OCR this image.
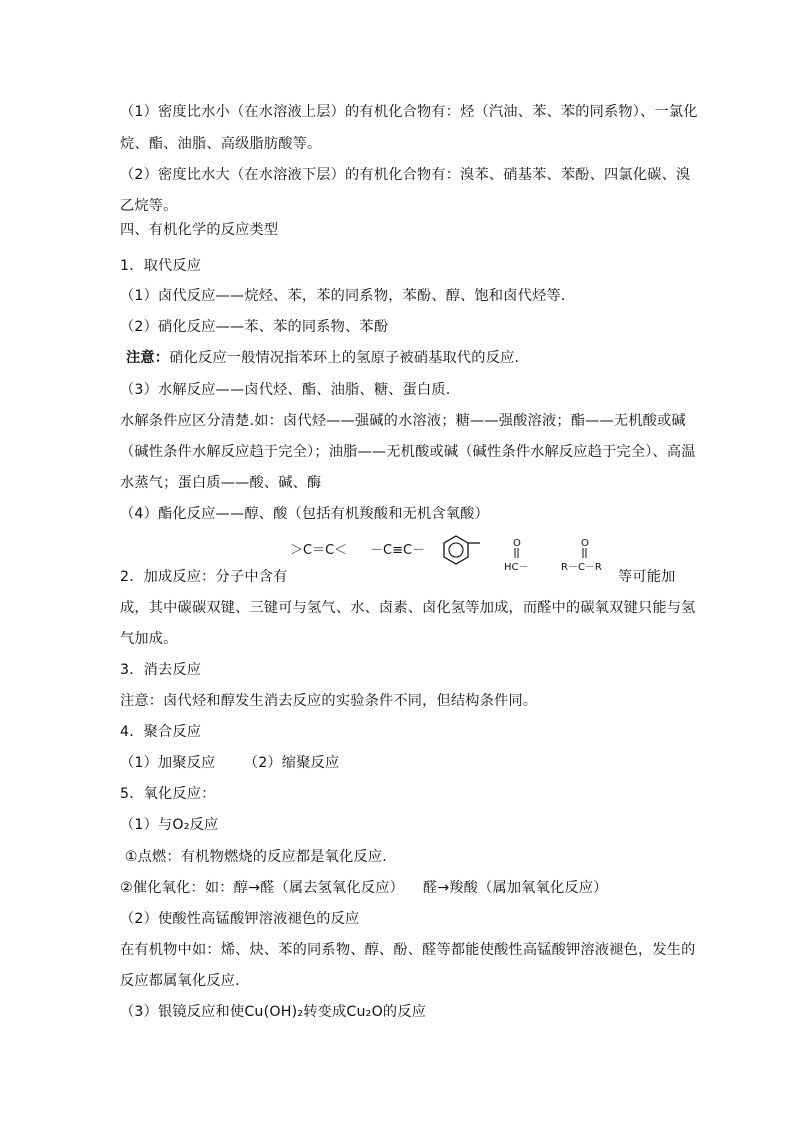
（1）密度比水小（在水溶液上层）的有机化合物有：烃（汽油、苯、苯的同系物）、一氯化
烷、酯、油脂、高级脂肪酸等。
（2）密度比水大（在水溶液下层）的有机化合物有：溴苯、硝基苯、苯酚、四氯化碳、溴
乙烷等。
四、有机化学的反应类型
1．取代反应
（1）卤代反应——烷烃、苯，苯的同系物，苯酚、醇、饱和卤代烃等.
（2）硝化反应——苯、苯的同系物、苯酚
注意：硝化反应一般情况指苯环上的氢原子被硝基取代的反应.
（3）水解反应——卤代烃、酯、油脂、糖、蛋白质.
水解条件应区分清楚.如：卤代烃——强碱的水溶液；糖——强酸溶液；酯——无机酸或碱
（碱性条件水解反应趋于完全）；油脂——无机酸或碱（碱性条件水解反应趋于完全）、高温
水蒸气；蛋白质——酸、碱、酶
（4）酯化反应——醇、酸（包括有机羧酸和无机含氧酸）
＞C＝C＜ －C≡C－	O
HC－
O
R－C－R
2．加成反应：分子中含有	等可能加
成，其中碳碳双键、三键可与氢气、水、卤素、卤化氢等加成，而醛中的碳氧双键只能与氢
气加成。
3．消去反应
注意：卤代烃和醇发生消去反应的实验条件不同，但结构条件同。
4．聚合反应
（1）加聚反应      （2）缩聚反应
5．氧化反应：
（1）与O₂反应
①点燃：有机物燃烧的反应都是氧化反应.
②催化氧化：如：醇→醛（属去氢氧化反应）    醛→羧酸（属加氧氧化反应）
（2）使酸性高锰酸钾溶液褪色的反应
在有机物中如：烯、炔、苯的同系物、醇、酚、醛等都能使酸性高锰酸钾溶液褪色，发生的
反应都属氧化反应.
（3）银镜反应和使Cu(OH)₂转变成Cu₂O的反应
